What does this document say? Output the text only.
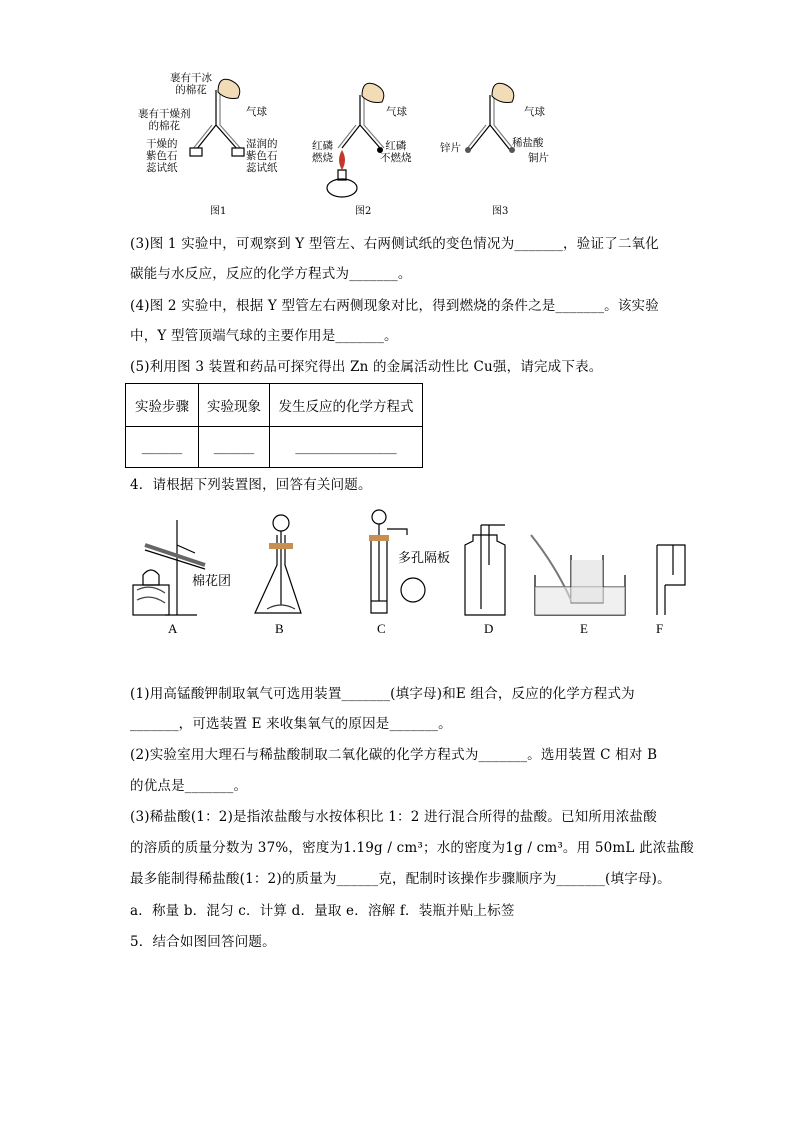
裹有干冰
的棉花
裹有干燥剂
的棉花
干燥的
紫色石
蕊试纸
湿润的
紫色石
蕊试纸
气球
图1
气球
红磷
燃烧
红磷
不燃烧
图2
气球
锌片	稀盐酸
铜片
图3
(3)图 1 实验中，可观察到 Y 型管左、右两侧试纸的变色情况为_______，验证了二氧化
碳能与水反应，反应的化学方程式为_______。
(4)图 2 实验中，根据 Y 型管左右两侧现象对比，得到燃烧的条件之是_______。该实验
中，Y 型管顶端气球的主要作用是_______。
(5)利用图 3 装置和药品可探究得出 Zn 的金属活动性比 Cu强，请完成下表。
实验步骤	实验现象	发生反应的化学方程式
______	______	_______________
4．请根据下列装置图，回答有关问题。
棉花团
多孔隔板
A	B	C	D	E	F
(1)用高锰酸钾制取氧气可选用装置_______(填字母)和E 组合，反应的化学方程式为
_______，可选装置 E 来收集氧气的原因是_______。
(2)实验室用大理石与稀盐酸制取二氧化碳的化学方程式为_______。选用装置 C 相对 B
的优点是_______。
(3)稀盐酸(1：2)是指浓盐酸与水按体积比 1：2 进行混合所得的盐酸。已知所用浓盐酸
的溶质的质量分数为 37%，密度为1.19g / cm³；水的密度为1g / cm³。用 50mL 此浓盐酸
最多能制得稀盐酸(1：2)的质量为______克，配制时该操作步骤顺序为_______(填字母)。
a．称量 b．混匀 c．计算 d．量取 e．溶解 f．装瓶并贴上标签
5．结合如图回答问题。
